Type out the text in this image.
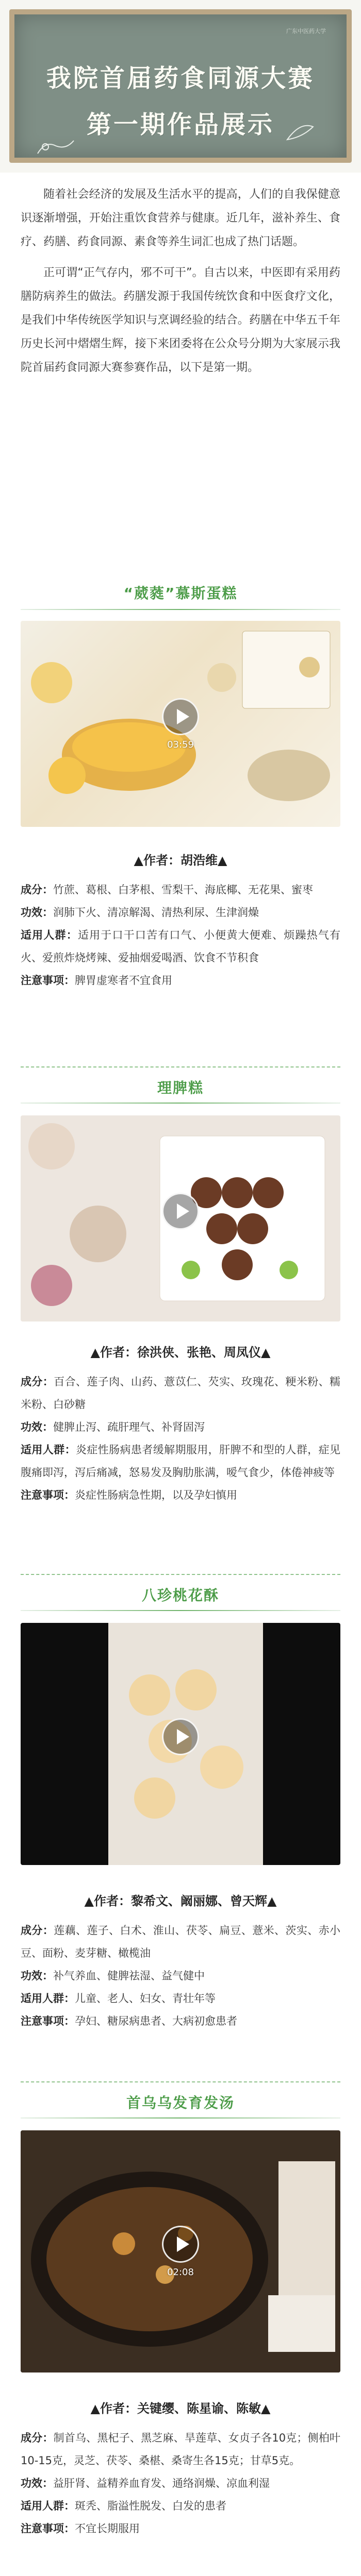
广东中医药大学
我院首届药食同源大赛
第一期作品展示

随着社会经济的发展及生活水平的提高，人们的自我保健意识逐渐增强，开始注重饮食营养与健康。近几年，滋补养生、食疗、药膳、药食同源、素食等养生词汇也成了热门话题。

正可谓“正气存内，邪不可干”。自古以来，中医即有采用药膳防病养生的做法。药膳发源于我国传统饮食和中医食疗文化，是我们中华传统医学知识与烹调经验的结合。药膳在中华五千年历史长河中熠熠生辉，接下来团委将在公众号分期为大家展示我院首届药食同源大赛参赛作品，以下是第一期。

“葳蕤”慕斯蛋糕
03:59
▲作者：胡浩维▲

成分：竹蔗、葛根、白茅根、雪梨干、海底椰、无花果、蜜枣

功效：润肺下火、清凉解渴、清热利尿、生津润燥

适用人群：适用于口干口苦有口气、小便黄大便难、烦躁热气有火、爱煎炸烧烤辣、爱抽烟爱喝酒、饮食不节积食

注意事项：脾胃虚寒者不宜食用

理脾糕
▲作者：徐洪侠、张艳、周凤仪▲

成分：百合、莲子肉、山药、薏苡仁、芡实、玫瑰花、粳米粉、糯米粉、白砂糖

功效：健脾止泻、疏肝理气、补肾固泻

适用人群：炎症性肠病患者缓解期服用，肝脾不和型的人群，症见腹痛即泻，泻后痛减，怒易发及胸肋胀满，嗳气食少，体倦神疲等

注意事项：炎症性肠病急性期，以及孕妇慎用

八珍桃花酥
▲作者：黎希文、阚丽娜、曾天辉▲

成分：莲藕、莲子、白术、淮山、茯苓、扁豆、薏米、茨实、赤小豆、面粉、麦芽糖、橄榄油

功效：补气养血、健脾祛湿、益气健中

适用人群：儿童、老人、妇女、青壮年等

注意事项：孕妇、糖尿病患者、大病初愈患者

首乌乌发育发汤
02:08
▲作者：关键缨、陈星谕、陈敏▲

成分：制首乌、黑杞子、黑芝麻、旱莲草、女贞子各10克；侧柏叶10-15克，灵芝、茯苓、桑椹、桑寄生各15克；甘草5克。

功效：益肝肾、益精养血育发、通络润燥、凉血利湿

适用人群：斑秃、脂溢性脱发、白发的患者

注意事项：不宜长期服用
